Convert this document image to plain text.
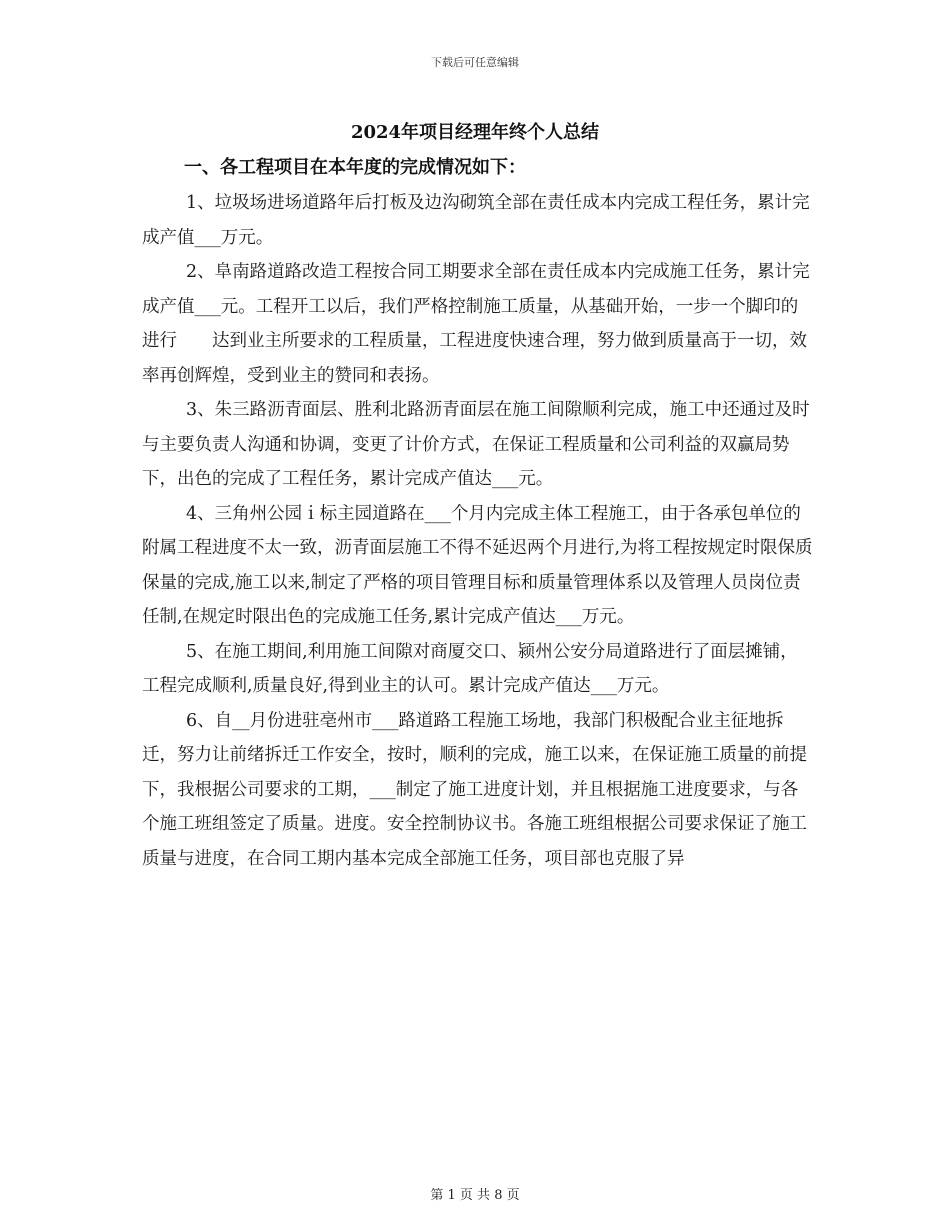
下载后可任意编辑
2024年项目经理年终个人总结
一、各工程项目在本年度的完成情况如下：

1、垃圾场进场道路年后打板及边沟砌筑全部在责任成本内完成工程任务，累计完成产值___万元。

2、阜南路道路改造工程按合同工期要求全部在责任成本内完成施工任务，累计完成产值___元。工程开工以后，我们严格控制施工质量，从基础开始，一步一个脚印的进行　　达到业主所要求的工程质量，工程进度快速合理，努力做到质量高于一切，效率再创辉煌，受到业主的赞同和表扬。

3、朱三路沥青面层、胜利北路沥青面层在施工间隙顺利完成，施工中还通过及时与主要负责人沟通和协调，变更了计价方式，在保证工程质量和公司利益的双赢局势下，出色的完成了工程任务，累计完成产值达___元。

4、三角州公园ｉ标主园道路在___个月内完成主体工程施工，由于各承包单位的附属工程进度不太一致，沥青面层施工不得不延迟两个月进行,为将工程按规定时限保质保量的完成,施工以来,制定了严格的项目管理目标和质量管理体系以及管理人员岗位责任制,在规定时限出色的完成施工任务,累计完成产值达___万元。

5、在施工期间,利用施工间隙对商厦交口、颍州公安分局道路进行了面层摊铺，工程完成顺利,质量良好,得到业主的认可。累计完成产值达___万元。

6、自__月份进驻亳州市___路道路工程施工场地，我部门积极配合业主征地拆迁，努力让前绪拆迁工作安全，按时，顺利的完成，施工以来，在保证施工质量的前提下，我根据公司要求的工期，___制定了施工进度计划，并且根据施工进度要求，与各个施工班组签定了质量。进度。安全控制协议书。各施工班组根据公司要求保证了施工质量与进度，在合同工期内基本完成全部施工任务，项目部也克服了异

第 1 页 共 8 页
